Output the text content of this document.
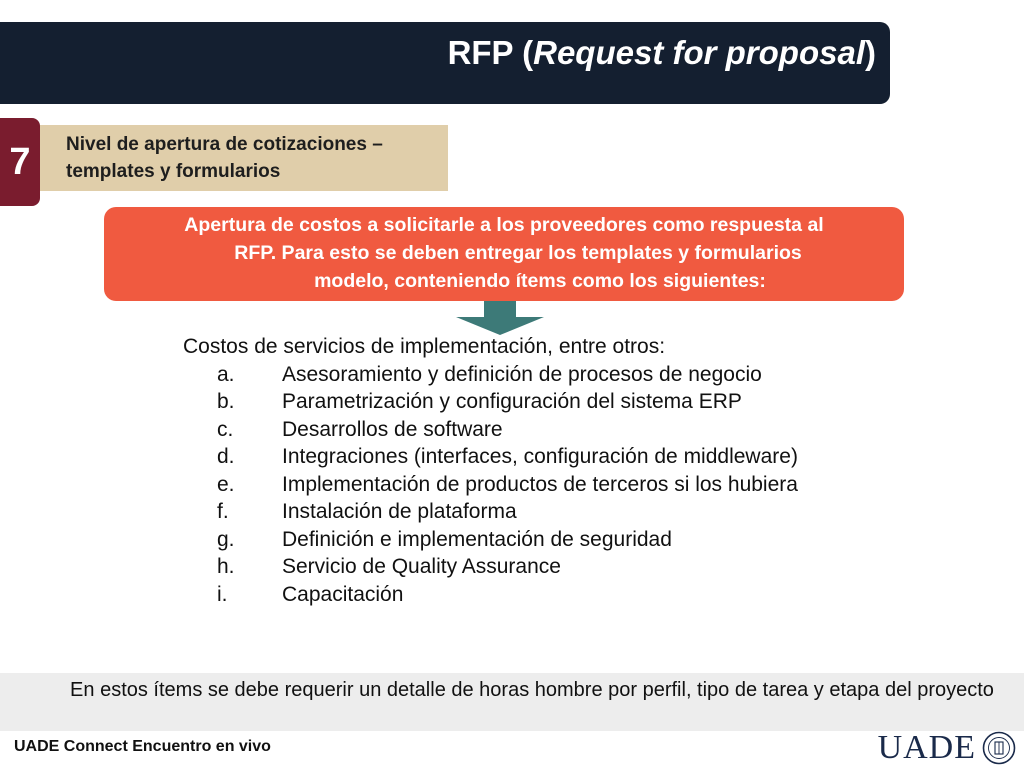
RFP (Request for proposal)
7	Nivel de apertura de cotizaciones – templates y formularios
Apertura de costos a solicitarle a los proveedores como respuesta al
RFP. Para esto se deben entregar los templates y formularios
modelo, conteniendo ítems como los siguientes:

Costos de servicios de implementación, entre otros:

a. Asesoramiento y definición de procesos de negocio
b. Parametrización y configuración del sistema ERP
c. Desarrollos de software
d. Integraciones (interfaces, configuración de middleware)
e. Implementación de productos de terceros si los hubiera
f.	Instalación de plataforma
g. Definición e implementación de seguridad
h. Servicio de Quality Assurance
i.	Capacitación
En estos ítems se debe requerir un detalle de horas hombre por perfil, tipo de tarea y etapa del proyecto
UADE Connect Encuentro en vivo	UADE
